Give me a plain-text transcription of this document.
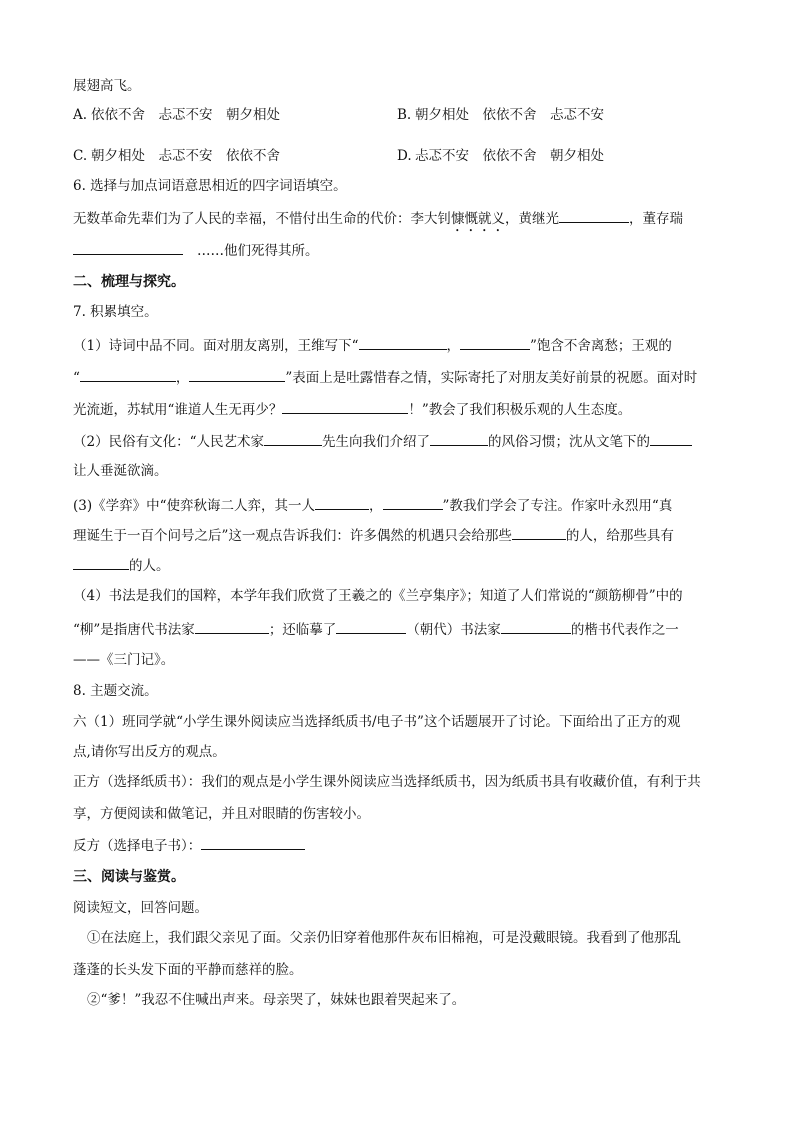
展翅高飞。
A. 依依不舍　忐忑不安　朝夕相处	B. 朝夕相处　依依不舍　忐忑不安
C. 朝夕相处　忐忑不安　依依不舍	D. 忐忑不安　依依不舍　朝夕相处
6. 选择与加点词语意思相近的四字词语填空。
无数革命先辈们为了人民的幸福，不惜付出生命的代价：李大钊慷慨就义，黄继光	，董存瑞
……他们死得其所。
二、梳理与探究。
7. 积累填空。
（1）诗词中品不同。面对朋友离别，王维写下“	，	”饱含不舍离愁；王观的
“	，	”表面上是吐露惜春之情，实际寄托了对朋友美好前景的祝愿。面对时
光流逝，苏轼用“谁道人生无再少？	！”教会了我们积极乐观的人生态度。
（2）民俗有文化：“人民艺术家	先生向我们介绍了	的风俗习惯；沈从文笔下的
让人垂涎欲滴。
(3)《学弈》中“使弈秋诲二人弈，其一人	，	”教我们学会了专注。作家叶永烈用“真
理诞生于一百个问号之后”这一观点告诉我们：许多偶然的机遇只会给那些	的人，给那些具有
的人。
（4）书法是我们的国粹，本学年我们欣赏了王羲之的《兰亭集序》；知道了人们常说的“颜筋柳骨”中的
“柳”是指唐代书法家	；还临摹了	（朝代）书法家	的楷书代表作之一
——《三门记》。
8. 主题交流。
六（1）班同学就“小学生课外阅读应当选择纸质书/电子书”这个话题展开了讨论。下面给出了正方的观
点,请你写出反方的观点。
正方（选择纸质书）：我们的观点是小学生课外阅读应当选择纸质书，因为纸质书具有收藏价值，有利于共
享，方便阅读和做笔记，并且对眼睛的伤害较小。
反方（选择电子书）：
三、阅读与鉴赏。
阅读短文，回答问题。
①在法庭上，我们跟父亲见了面。父亲仍旧穿着他那件灰布旧棉袍，可是没戴眼镜。我看到了他那乱
蓬蓬的长头发下面的平静而慈祥的脸。
②“爹！”我忍不住喊出声来。母亲哭了，妹妹也跟着哭起来了。
